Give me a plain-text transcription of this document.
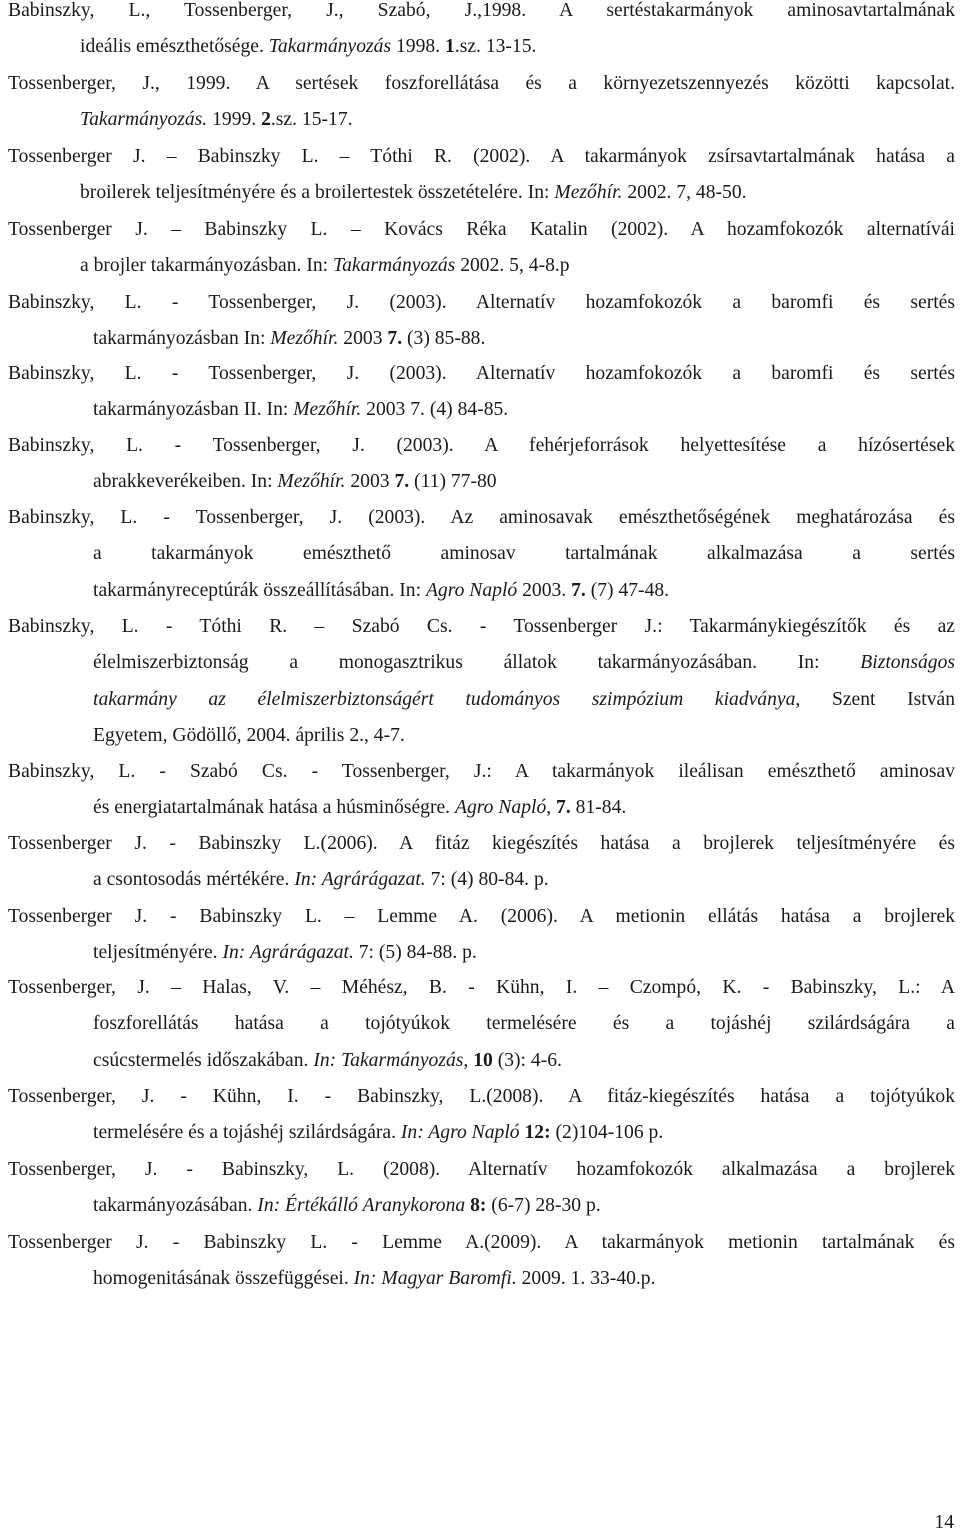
Babinszky, L., Tossenberger, J., Szabó, J.,1998. A sertéstakarmányok aminosavtartalmának
ideális emészthetősége. Takarmányozás 1998. 1.sz. 13-15.
Tossenberger, J., 1999. A sertések foszforellátása és a környezetszennyezés közötti kapcsolat.
Takarmányozás. 1999. 2.sz. 15-17.
Tossenberger J. – Babinszky L. – Tóthi R. (2002). A takarmányok zsírsavtartalmának hatása a
broilerek teljesítményére és a broilertestek összetételére. In: Mezőhír. 2002. 7, 48-50.
Tossenberger J. – Babinszky L. – Kovács Réka Katalin (2002). A hozamfokozók alternatívái
a brojler takarmányozásban. In: Takarmányozás 2002. 5, 4-8.p
Babinszky, L. - Tossenberger, J. (2003). Alternatív hozamfokozók a baromfi és sertés
takarmányozásban In: Mezőhír. 2003 7. (3) 85-88.
Babinszky, L. - Tossenberger, J. (2003). Alternatív hozamfokozók a baromfi és sertés
takarmányozásban II. In: Mezőhír. 2003 7. (4) 84-85.
Babinszky, L. - Tossenberger, J. (2003). A fehérjeforrások helyettesítése a hízósertések
abrakkeverékeiben. In: Mezőhír. 2003 7. (11) 77-80
Babinszky, L. - Tossenberger, J. (2003). Az aminosavak emészthetőségének meghatározása és
a takarmányok emészthető aminosav tartalmának alkalmazása a sertés
takarmányreceptúrák összeállításában. In: Agro Napló 2003. 7. (7) 47-48.
Babinszky, L. - Tóthi R. – Szabó Cs. - Tossenberger J.: Takarmánykiegészítők és az
élelmiszerbiztonság a monogasztrikus állatok takarmányozásában. In: Biztonságos
takarmány az élelmiszerbiztonságért tudományos szimpózium kiadványa, Szent István
Egyetem, Gödöllő, 2004. április 2., 4-7.
Babinszky, L. - Szabó Cs. - Tossenberger, J.: A takarmányok ileálisan emészthető aminosav
és energiatartalmának hatása a húsminőségre. Agro Napló, 7. 81-84.
Tossenberger J. - Babinszky L.(2006). A fitáz kiegészítés hatása a brojlerek teljesítményére és
a csontosodás mértékére. In: Agrárágazat. 7: (4) 80-84. p.
Tossenberger J. - Babinszky L. – Lemme A. (2006). A metionin ellátás hatása a brojlerek
teljesítményére. In: Agrárágazat. 7: (5) 84-88. p.
Tossenberger, J. – Halas, V. – Méhész, B. - Kühn, I. – Czompó, K. - Babinszky, L.: A
foszforellátás hatása a tojótyúkok termelésére és a tojáshéj szilárdságára a
csúcstermelés időszakában. In: Takarmányozás, 10 (3): 4-6.
Tossenberger, J. - Kühn, I. - Babinszky, L.(2008). A fitáz-kiegészítés hatása a tojótyúkok
termelésére és a tojáshéj szilárdságára. In: Agro Napló 12: (2)104-106 p.
Tossenberger, J. - Babinszky, L. (2008). Alternatív hozamfokozók alkalmazása a brojlerek
takarmányozásában. In: Értékálló Aranykorona 8: (6-7) 28-30 p.
Tossenberger J. - Babinszky L. - Lemme A.(2009). A takarmányok metionin tartalmának és
homogenitásának összefüggései. In: Magyar Baromfi. 2009. 1. 33-40.p.
14
